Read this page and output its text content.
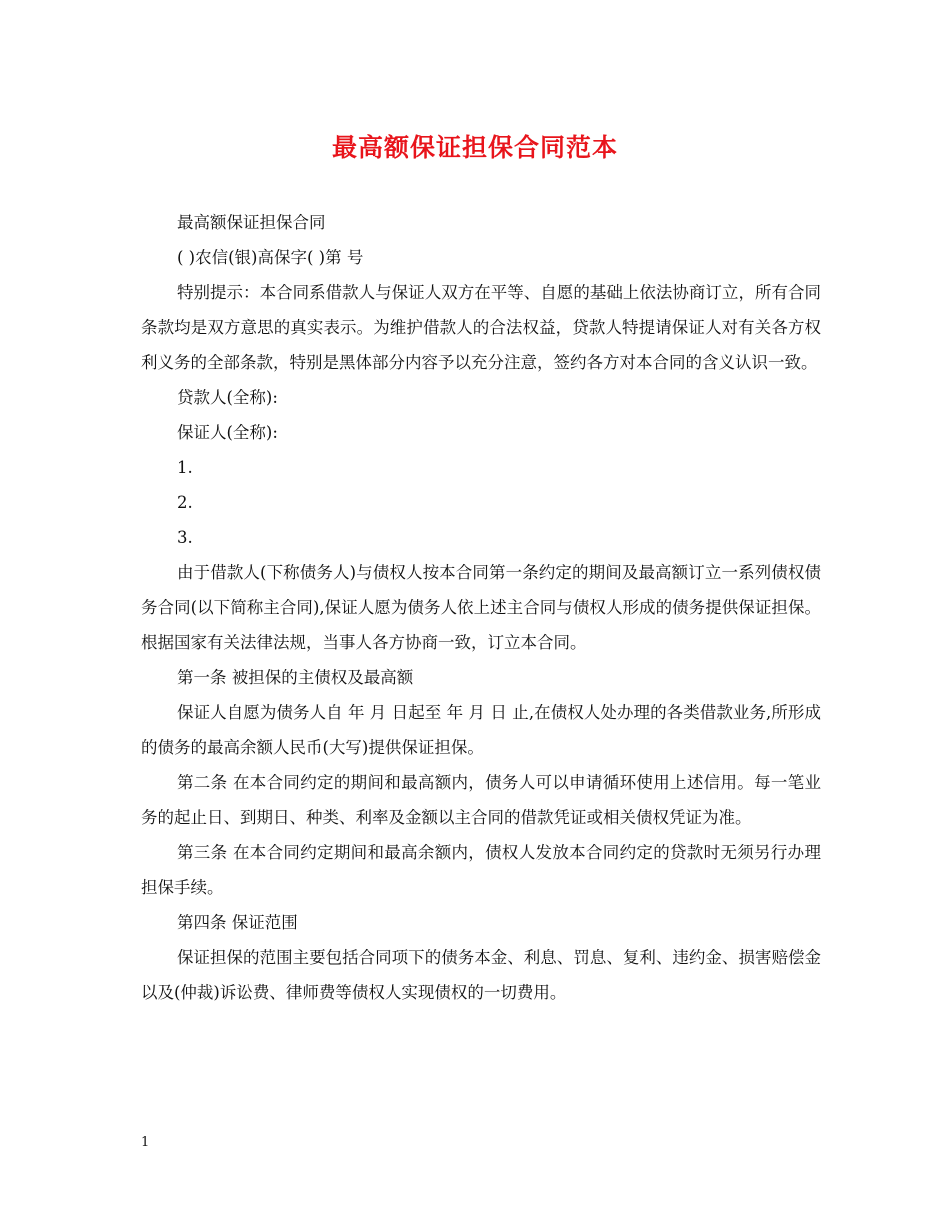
最高额保证担保合同范本

最高额保证担保合同

( )农信(银)高保字( )第 号

特别提示：本合同系借款人与保证人双方在平等、自愿的基础上依法协商订立，所有合同条款均是双方意思的真实表示。为维护借款人的合法权益，贷款人特提请保证人对有关各方权利义务的全部条款，特别是黑体部分内容予以充分注意，签约各方对本合同的含义认识一致。

贷款人(全称):

保证人(全称):

1.

2.

3.

由于借款人(下称债务人)与债权人按本合同第一条约定的期间及最高额订立一系列债权债务合同(以下简称主合同),保证人愿为债务人依上述主合同与债权人形成的债务提供保证担保。根据国家有关法律法规，当事人各方协商一致，订立本合同。

第一条 被担保的主债权及最高额

保证人自愿为债务人自 年 月 日起至 年 月 日 止,在债权人处办理的各类借款业务,所形成的债务的最高余额人民币(大写)提供保证担保。

第二条 在本合同约定的期间和最高额内，债务人可以申请循环使用上述信用。每一笔业务的起止日、到期日、种类、利率及金额以主合同的借款凭证或相关债权凭证为准。

第三条 在本合同约定期间和最高余额内，债权人发放本合同约定的贷款时无须另行办理担保手续。

第四条 保证范围

保证担保的范围主要包括合同项下的债务本金、利息、罚息、复利、违约金、损害赔偿金以及(仲裁)诉讼费、律师费等债权人实现债权的一切费用。

1
